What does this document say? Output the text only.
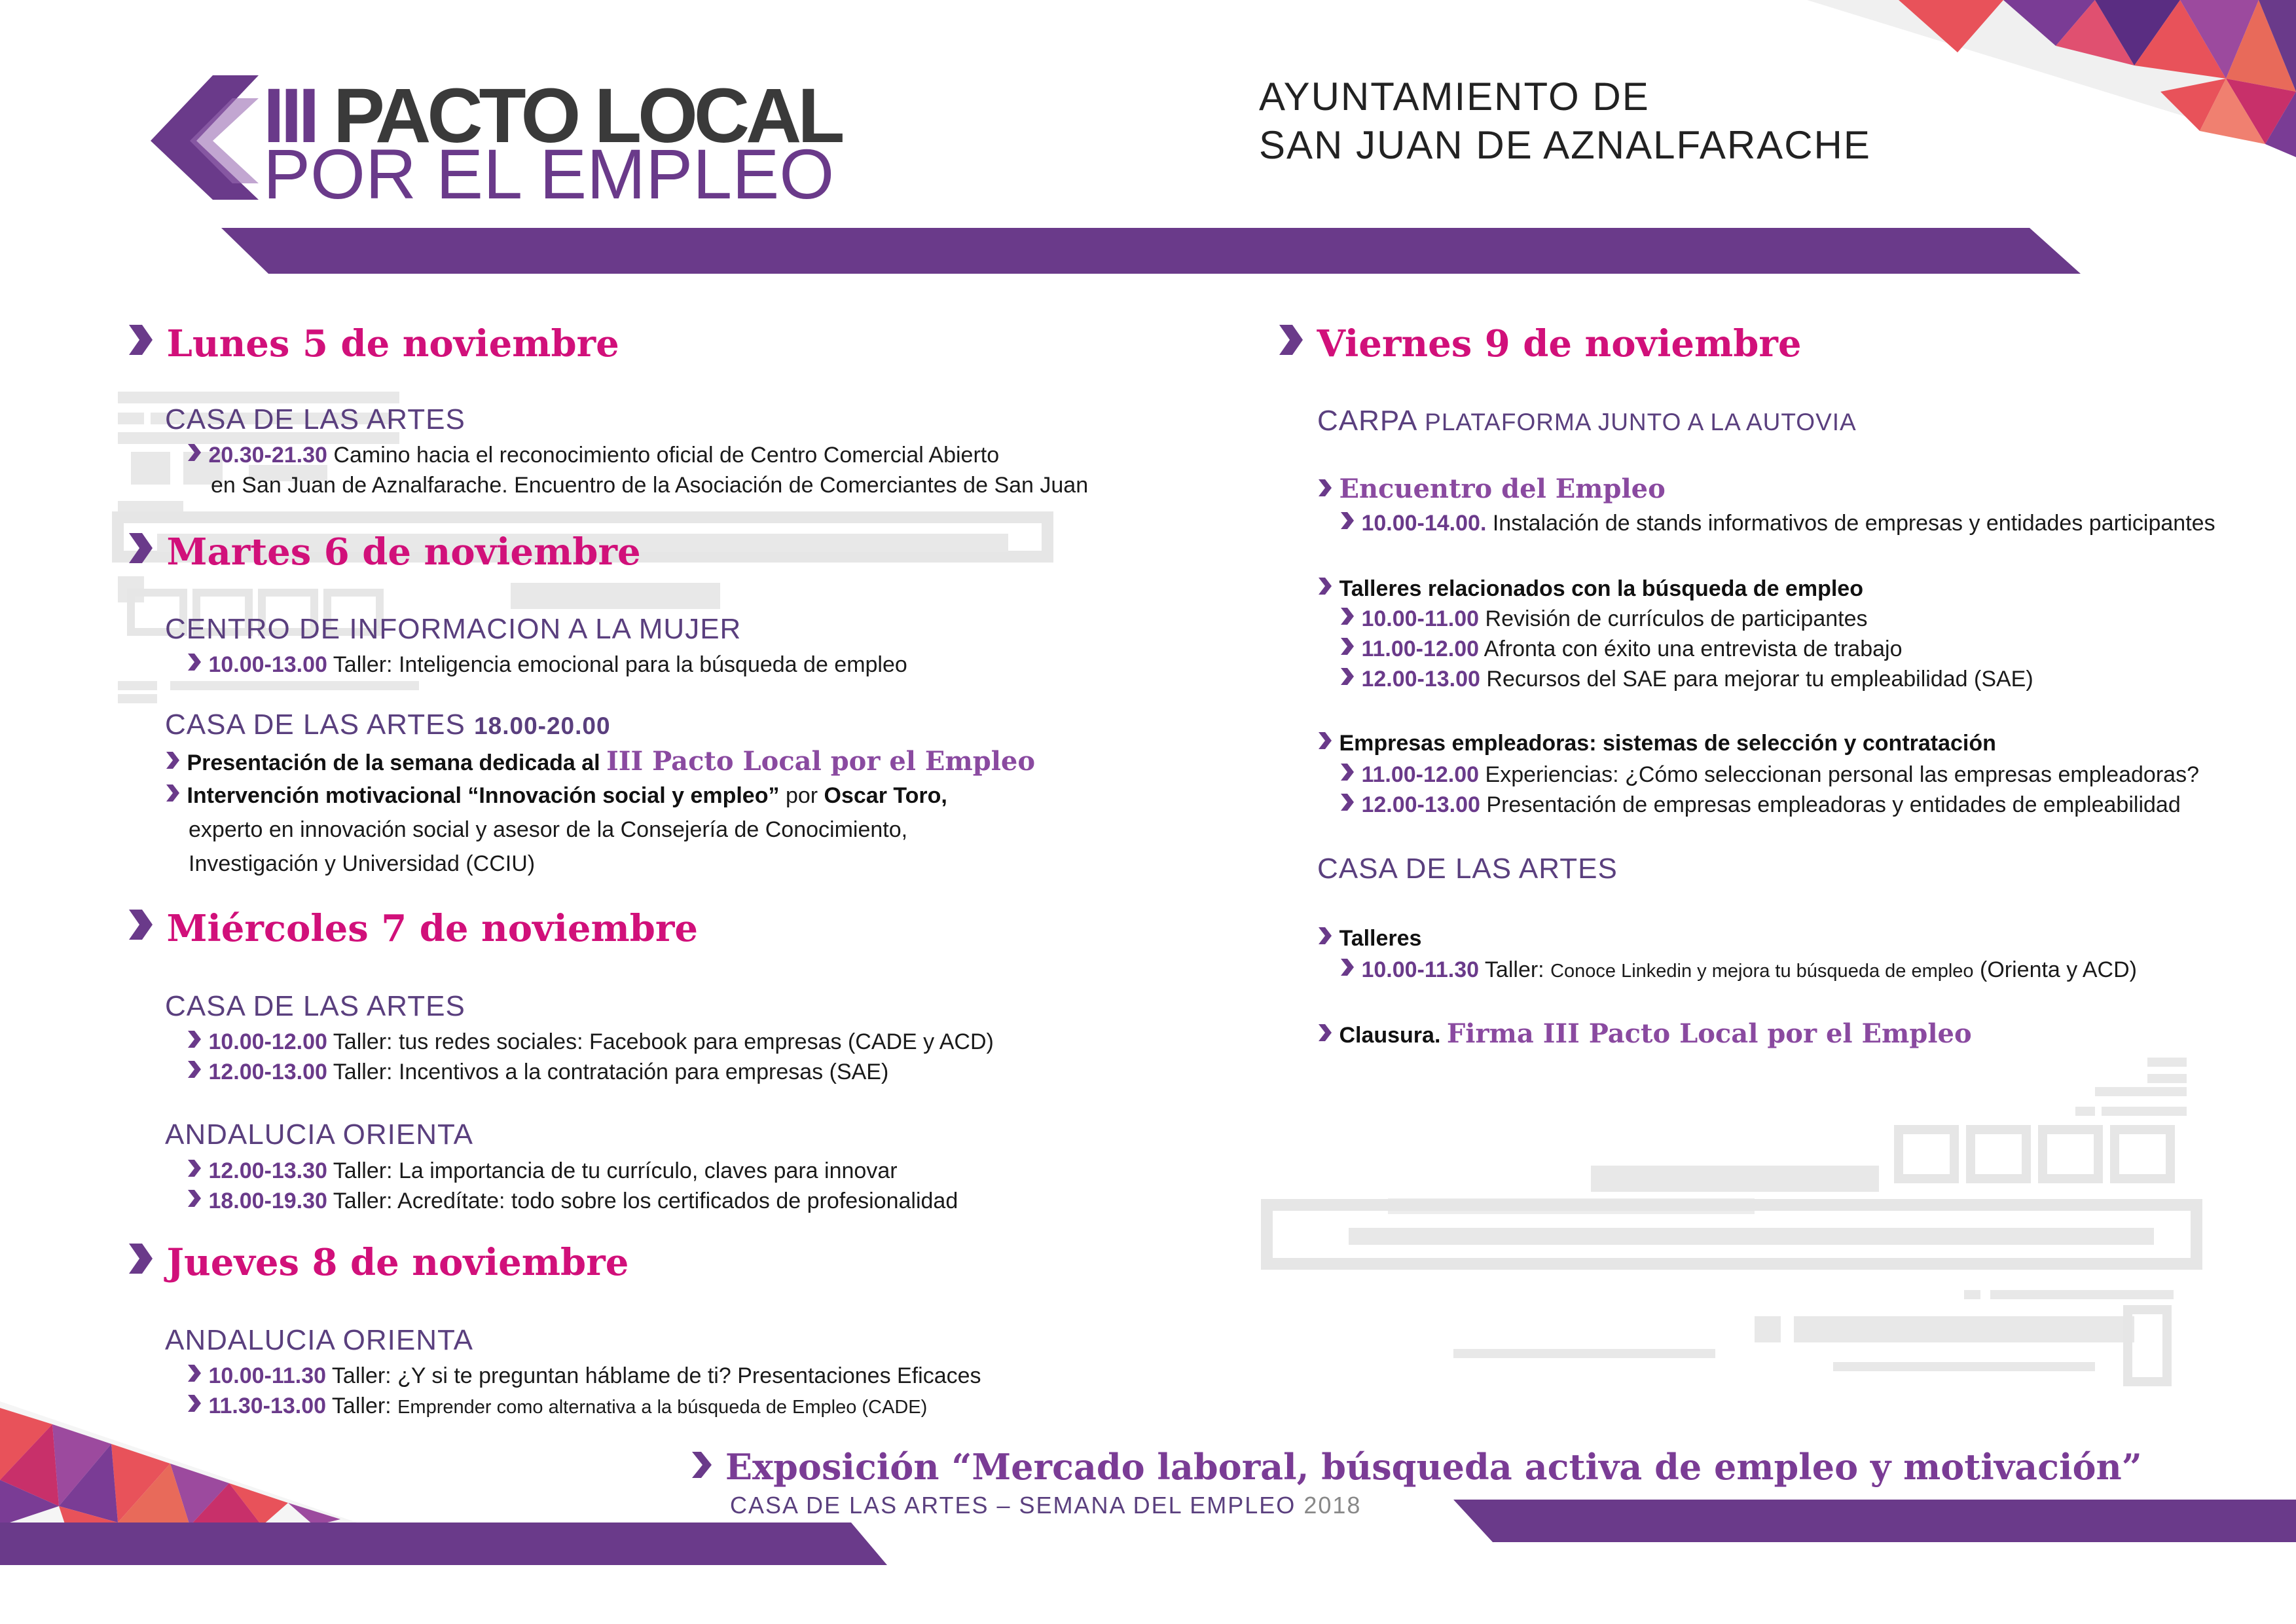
III PACTO LOCAL
POR EL EMPLEO
AYUNTAMIENTO DE
SAN JUAN DE AZNALFARACHE
Lunes 5 de noviembre
CASA DE LAS ARTES
20.30-21.30 Camino hacia el reconocimiento oficial de Centro Comercial Abierto
en San Juan de Aznalfarache. Encuentro de la Asociación de Comerciantes de San Juan
Martes 6 de noviembre
CENTRO DE INFORMACION A LA MUJER
10.00-13.00 Taller: Inteligencia emocional para la búsqueda de empleo
CASA DE LAS ARTES 18.00-20.00
Presentación de la semana dedicada al III Pacto Local por el Empleo
Intervención motivacional “Innovación social y empleo” por Oscar Toro,
experto en innovación social y asesor de la Consejería de Conocimiento,
Investigación y Universidad (CCIU)
Miércoles 7 de noviembre
CASA DE LAS ARTES
10.00-12.00 Taller: tus redes sociales: Facebook para empresas (CADE y ACD)
12.00-13.00 Taller: Incentivos a la contratación para empresas (SAE)
ANDALUCIA ORIENTA
12.00-13.30 Taller: La importancia de tu currículo, claves para innovar
18.00-19.30 Taller: Acredítate: todo sobre los certificados de profesionalidad
Jueves 8 de noviembre
ANDALUCIA ORIENTA
10.00-11.30 Taller: ¿Y si te preguntan háblame de ti? Presentaciones Eficaces
11.30-13.00 Taller: Emprender como alternativa a la búsqueda de Empleo (CADE)
Viernes 9 de noviembre
CARPA PLATAFORMA JUNTO A LA AUTOVIA
Encuentro del Empleo
10.00-14.00. Instalación de stands informativos de empresas y entidades participantes
Talleres relacionados con la búsqueda de empleo
10.00-11.00 Revisión de currículos de participantes
11.00-12.00 Afronta con éxito una entrevista de trabajo
12.00-13.00 Recursos del SAE para mejorar tu empleabilidad (SAE)
Empresas empleadoras: sistemas de selección y contratación
11.00-12.00 Experiencias: ¿Cómo seleccionan personal las empresas empleadoras?
12.00-13.00 Presentación de empresas empleadoras y entidades de empleabilidad
CASA DE LAS ARTES
Talleres
10.00-11.30 Taller: Conoce Linkedin y mejora tu búsqueda de empleo (Orienta y ACD)
Clausura. Firma III Pacto Local por el Empleo
Exposición “Mercado laboral, búsqueda activa de empleo y motivación”
CASA DE LAS ARTES – SEMANA DEL EMPLEO 2018
